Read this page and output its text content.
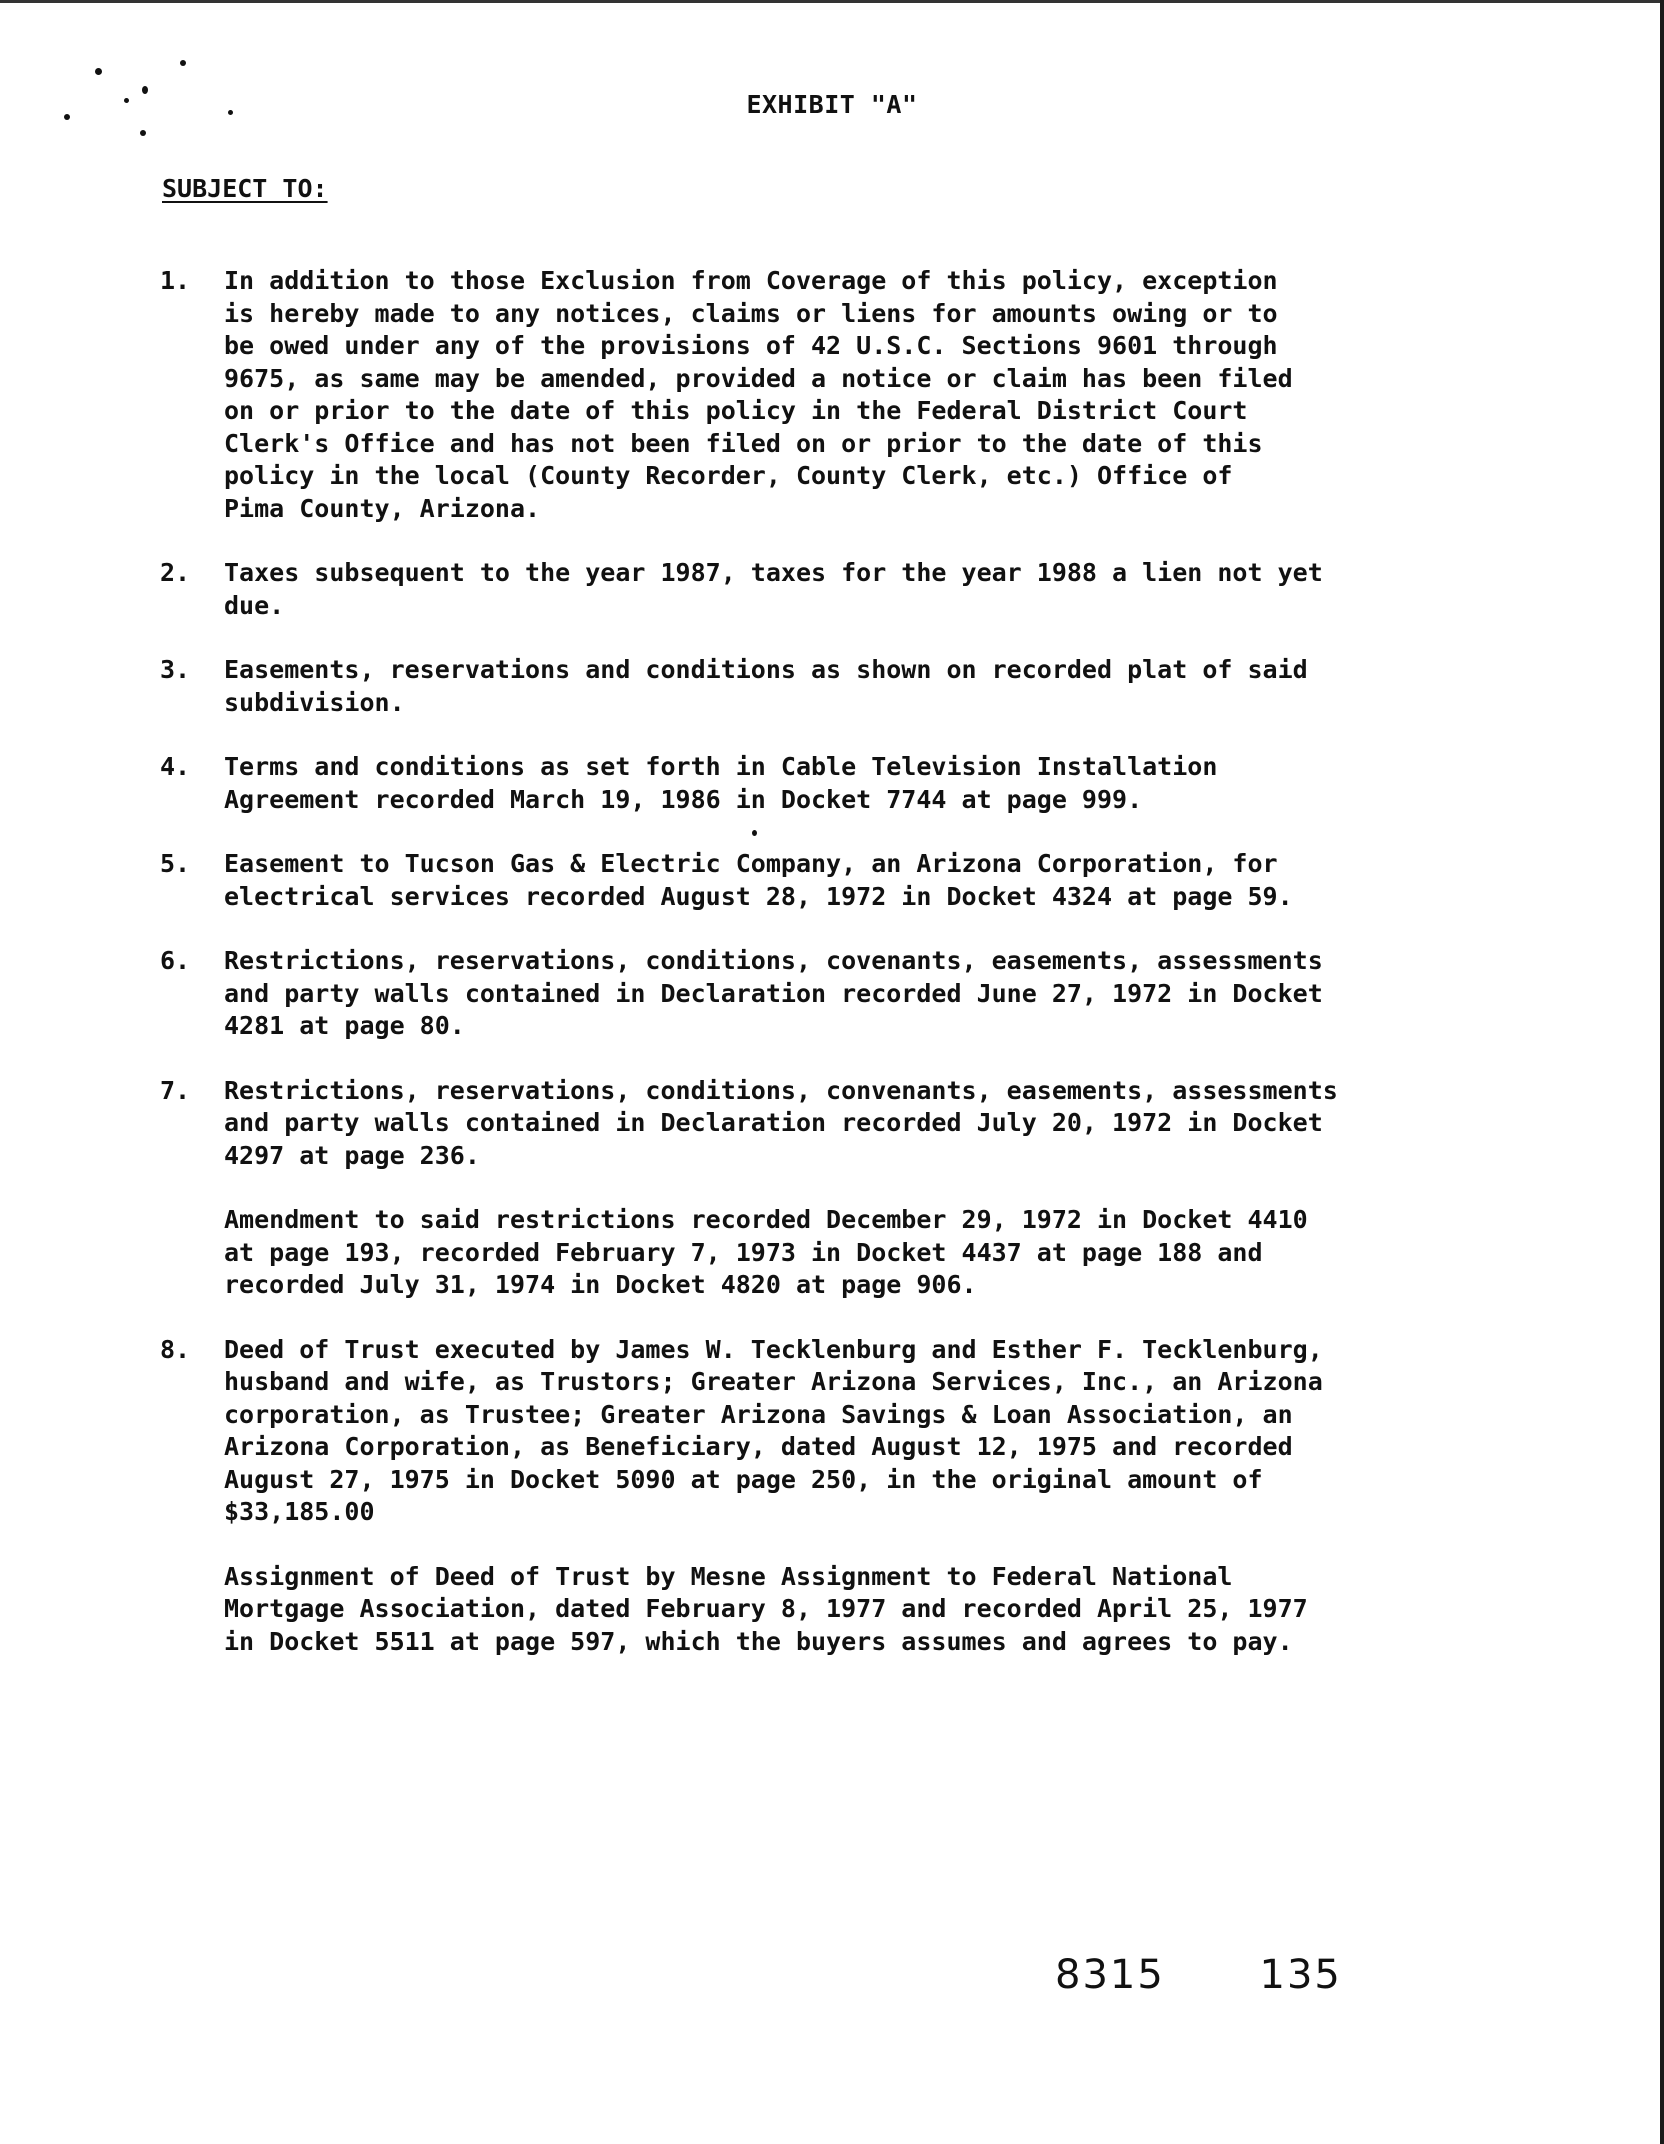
EXHIBIT "A"
SUBJECT TO:
1.	In addition to those Exclusion from Coverage of this policy, exception
is hereby made to any notices, claims or liens for amounts owing or to
be owed under any of the provisions of 42 U.S.C. Sections 9601 through
9675, as same may be amended, provided a notice or claim has been filed
on or prior to the date of this policy in the Federal District Court
Clerk's Office and has not been filed on or prior to the date of this
policy in the local (County Recorder, County Clerk, etc.) Office of
Pima County, Arizona.

2.	Taxes subsequent to the year 1987, taxes for the year 1988 a lien not yet
due.

3.	Easements, reservations and conditions as shown on recorded plat of said
subdivision.

4.	Terms and conditions as set forth in Cable Television Installation
Agreement recorded March 19, 1986 in Docket 7744 at page 999.

5.	Easement to Tucson Gas & Electric Company, an Arizona Corporation, for
electrical services recorded August 28, 1972 in Docket 4324 at page 59.

6.	Restrictions, reservations, conditions, covenants, easements, assessments
and party walls contained in Declaration recorded June 27, 1972 in Docket
4281 at page 80.

7.	Restrictions, reservations, conditions, convenants, easements, assessments
and party walls contained in Declaration recorded July 20, 1972 in Docket
4297 at page 236.

Amendment to said restrictions recorded December 29, 1972 in Docket 4410
at page 193, recorded February 7, 1973 in Docket 4437 at page 188 and
recorded July 31, 1974 in Docket 4820 at page 906.

8.	Deed of Trust executed by James W. Tecklenburg and Esther F. Tecklenburg,
husband and wife, as Trustors; Greater Arizona Services, Inc., an Arizona
corporation, as Trustee; Greater Arizona Savings & Loan Association, an
Arizona Corporation, as Beneficiary, dated August 12, 1975 and recorded
August 27, 1975 in Docket 5090 at page 250, in the original amount of
$33,185.00

Assignment of Deed of Trust by Mesne Assignment to Federal National
Mortgage Association, dated February 8, 1977 and recorded April 25, 1977
in Docket 5511 at page 597, which the buyers assumes and agrees to pay.

8315 135
